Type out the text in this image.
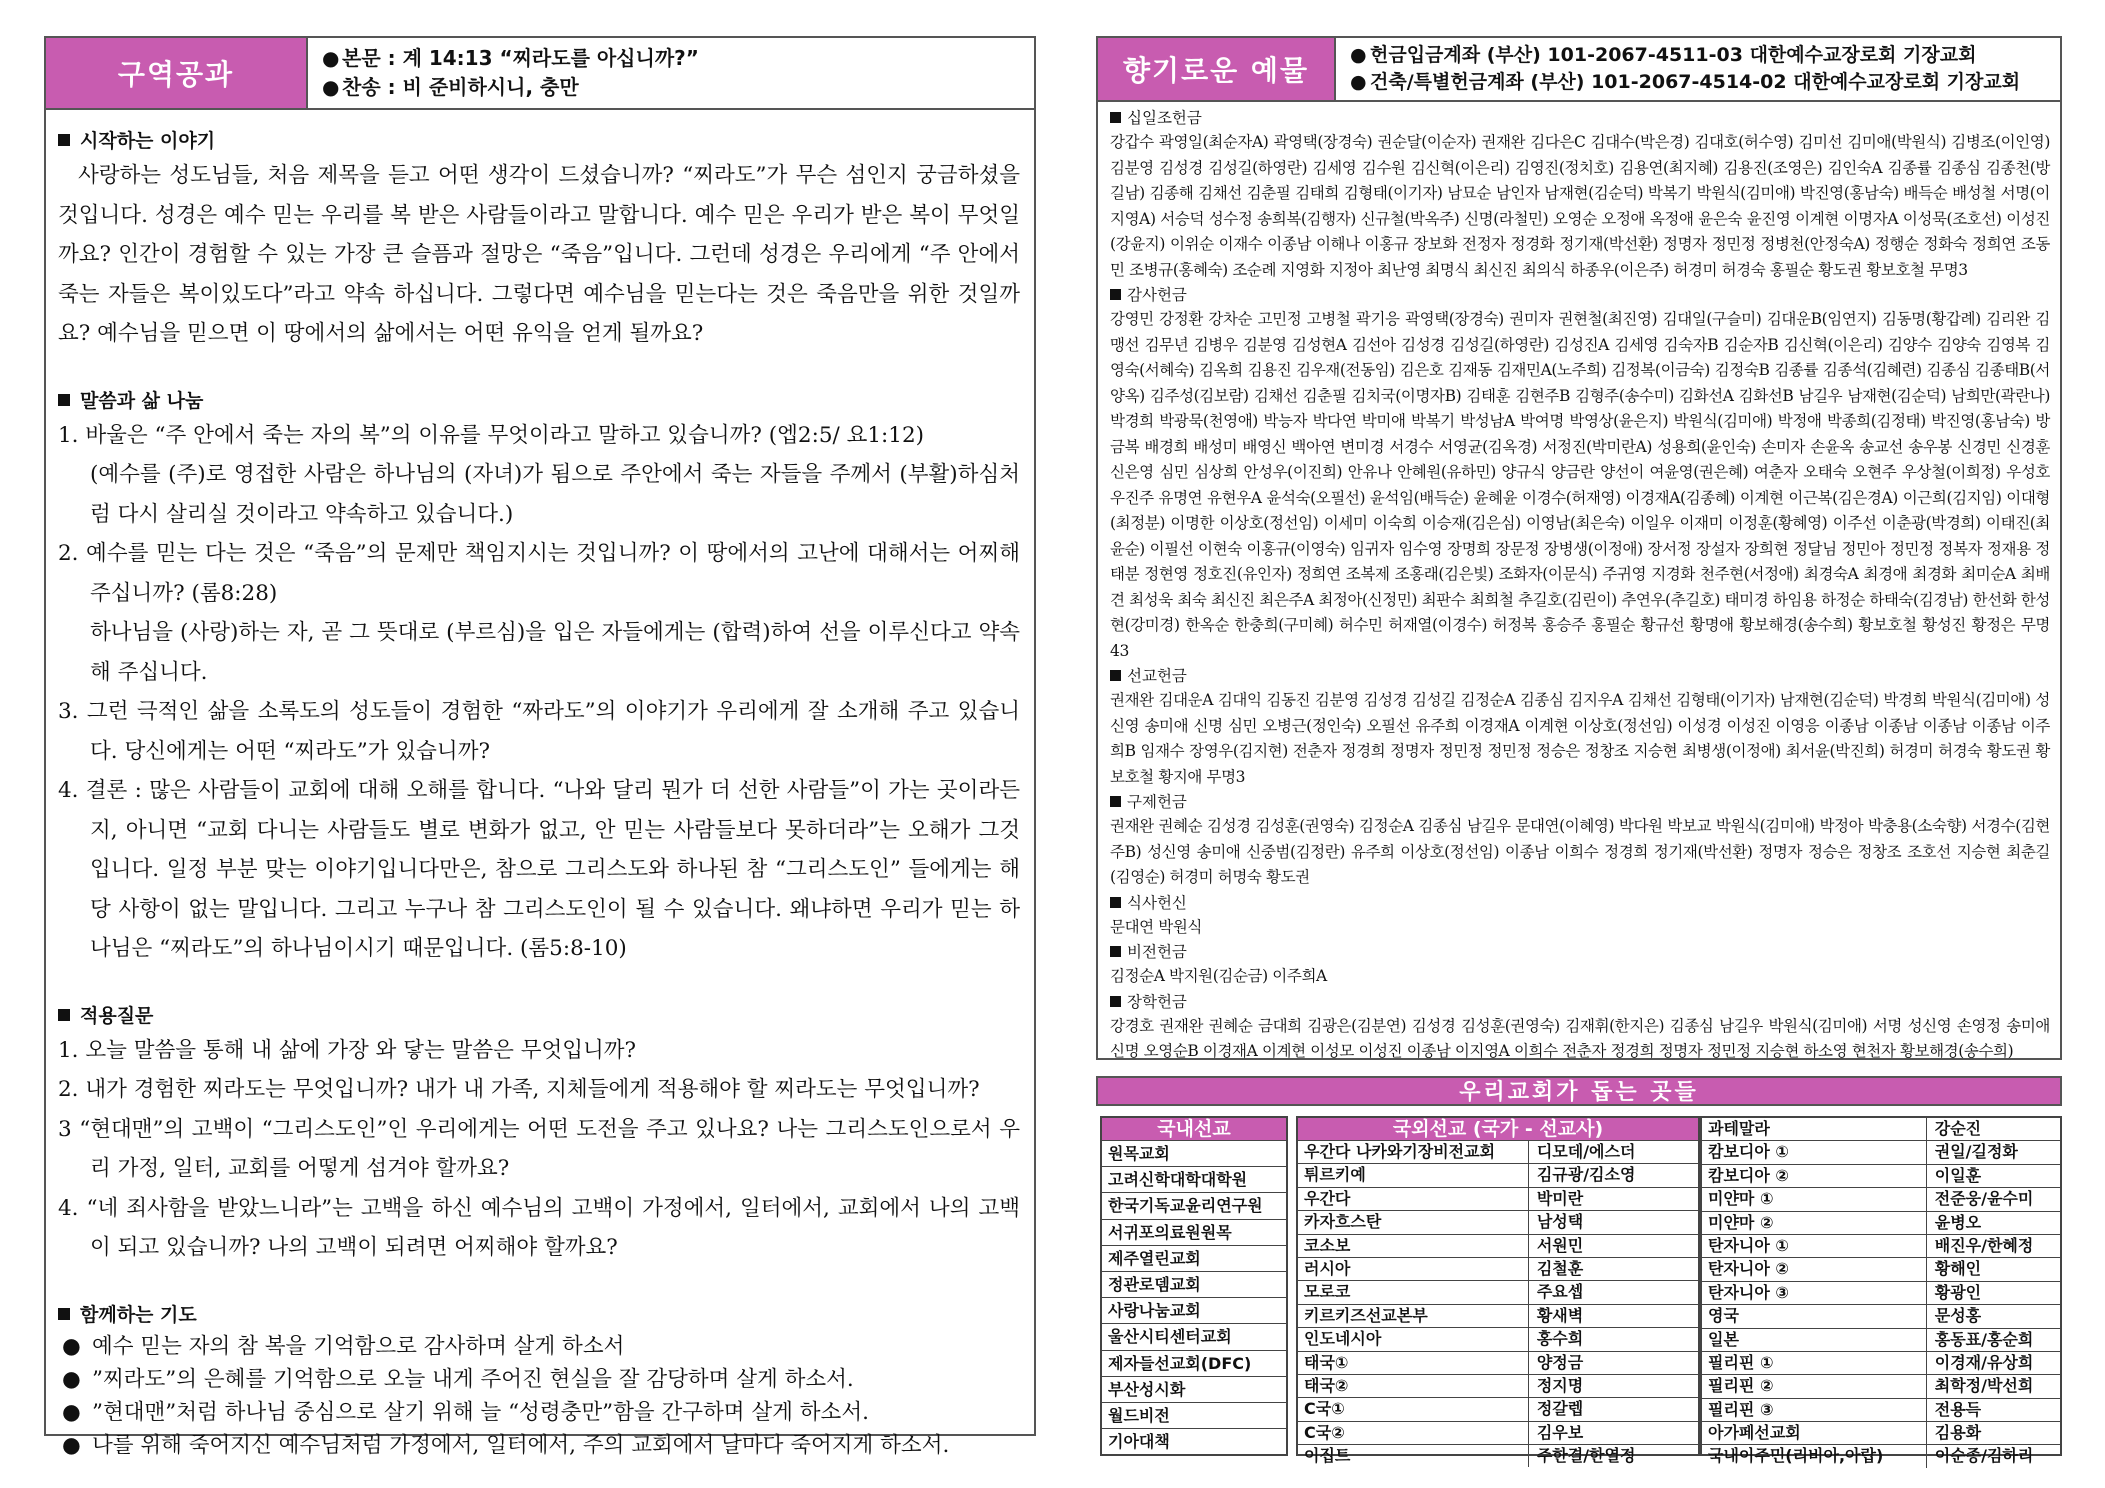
구역공과	● 본문 : 계 14:13 “찌라도를 아십니까?”
● 찬송 : 비 준비하시니, 충만
시작하는 이야기
사랑하는 성도님들, 처음 제목을 듣고 어떤 생각이 드셨습니까? “찌라도”가 무슨 섬인지 궁금하셨을 것입니다. 성경은 예수 믿는 우리를 복 받은 사람들이라고 말합니다. 예수 믿은 우리가 받은 복이 무엇일까요? 인간이 경험할 수 있는 가장 큰 슬픔과 절망은 “죽음”입니다. 그런데 성경은 우리에게 “주 안에서 죽는 자들은 복이있도다”라고 약속 하십니다. 그렇다면 예수님을 믿는다는 것은 죽음만을 위한 것일까요? 예수님을 믿으면 이 땅에서의 삶에서는 어떤 유익을 얻게 될까요?
말씀과 삶 나눔
1. 바울은 “주 안에서 죽는 자의 복”의 이유를 무엇이라고 말하고 있습니까? (엡2:5/ 요1:12)
(예수를 (주)로 영접한 사람은 하나님의 (자녀)가 됨으로 주안에서 죽는 자들을 주께서 (부활)하심처럼 다시 살리실 것이라고 약속하고 있습니다.)
2. 예수를 믿는 다는 것은 “죽음”의 문제만 책임지시는 것입니까? 이 땅에서의 고난에 대해서는 어찌해 주십니까? (롬8:28)
하나님을 (사랑)하는 자, 곧 그 뜻대로 (부르심)을 입은 자들에게는 (합력)하여 선을 이루신다고 약속해 주십니다.
3. 그런 극적인 삶을 소록도의 성도들이 경험한 “짜라도”의 이야기가 우리에게 잘 소개해 주고 있습니다. 당신에게는 어떤 “찌라도”가 있습니까?
4. 결론 : 많은 사람들이 교회에 대해 오해를 합니다. “나와 달리 뭔가 더 선한 사람들”이 가는 곳이라든지, 아니면 “교회 다니는 사람들도 별로 변화가 없고, 안 믿는 사람들보다 못하더라”는 오해가 그것입니다. 일정 부분 맞는 이야기입니다만은, 참으로 그리스도와 하나된 참 “그리스도인” 들에게는 해당 사항이 없는 말입니다. 그리고 누구나 참 그리스도인이 될 수 있습니다. 왜냐하면 우리가 믿는 하나님은 “찌라도”의 하나님이시기 때문입니다. (롬5:8-10)
적용질문
1. 오늘 말씀을 통해 내 삶에 가장 와 닿는 말씀은 무엇입니까?
2. 내가 경험한 찌라도는 무엇입니까? 내가 내 가족, 지체들에게 적용해야 할 찌라도는 무엇입니까?
3 “현대맨”의 고백이 “그리스도인”인 우리에게는 어떤 도전을 주고 있나요? 나는 그리스도인으로서 우리 가정, 일터, 교회를 어떻게 섬겨야 할까요?
4. “네 죄사함을 받았느니라”는 고백을 하신 예수님의 고백이 가정에서, 일터에서, 교회에서 나의 고백이 되고 있습니까? 나의 고백이 되려면 어찌해야 할까요?
함께하는 기도
● 예수 믿는 자의 참 복을 기억함으로 감사하며 살게 하소서
● ”찌라도”의 은혜를 기억함으로 오늘 내게 주어진 현실을 잘 감당하며 살게 하소서.
● ”현대맨”처럼 하나님 중심으로 살기 위해 늘 “성령충만”함을 간구하며 살게 하소서.
● 나를 위해 죽어지신 예수님처럼 가정에서, 일터에서, 주의 교회에서 날마다 죽어지게 하소서.
향기로운 예물	● 헌금입금계좌 (부산) 101-2067-4511-03 대한예수교장로회 기장교회
● 건축/특별헌금계좌 (부산) 101-2067-4514-02 대한예수교장로회 기장교회
십일조헌금
강갑수 곽영일(최순자A) 곽영택(장경숙) 권순달(이순자) 권재완 김다은C 김대수(박은경) 김대호(허수영) 김미선 김미애(박원식) 김병조(이인영) 김분영 김성경 김성길(하영란) 김세영 김수원 김신혁(이은리) 김영진(정치호) 김용연(최지혜) 김용진(조영은) 김인숙A 김종률 김종심 김종천(방길남) 김종해 김채선 김춘필 김태희 김형태(이기자) 남묘순 남인자 남재현(김순덕) 박복기 박원식(김미애) 박진영(홍남숙) 배득순 배성철 서명(이지영A) 서승덕 성수정 송희복(김행자) 신규철(박옥주) 신명(라철민) 오영순 오정애 옥정애 윤은숙 윤진영 이계현 이명자A 이성묵(조호선) 이성진(강윤지) 이위순 이재수 이종남 이해나 이홍규 장보화 전정자 정경화 정기재(박선환) 정명자 정민정 정병천(안정숙A) 정행순 정화숙 정희연 조동민 조병규(홍혜숙) 조순례 지영화 지정아 최난영 최명식 최신진 최의식 하종우(이은주) 허경미 허경숙 홍필순 황도권 황보호철 무명3
감사헌금
강영민 강정환 강차순 고민정 고병철 곽기응 곽영택(장경숙) 권미자 권현철(최진영) 김대일(구슬미) 김대운B(임연지) 김동명(황갑례) 김리완 김맹선 김무년 김병우 김분영 김성현A 김선아 김성경 김성길(하영란) 김성진A 김세영 김숙자B 김순자B 김신혁(이은리) 김양수 김양숙 김영복 김영숙(서혜숙) 김옥희 김용진 김우재(전동임) 김은호 김재동 김재민A(노주희) 김정복(이금숙) 김정숙B 김종률 김종석(김혜련) 김종심 김종태B(서양옥) 김주성(김보람) 김채선 김춘필 김치국(이명자B) 김태훈 김현주B 김형주(송수미) 김화선A 김화선B 남길우 남재현(김순덕) 남희만(곽란나) 박경희 박광묵(천영애) 박능자 박다연 박미애 박복기 박성남A 박여명 박영상(윤은지) 박원식(김미애) 박정애 박종희(김정태) 박진영(홍남숙) 방금복 배경희 배성미 배영신 백아연 변미경 서경수 서영균(김옥경) 서정진(박미란A) 성용희(윤인숙) 손미자 손윤옥 송교선 송우봉 신경민 신경훈 신은영 심민 심상희 안성우(이진희) 안유나 안혜원(유하민) 양규식 양금란 양선이 여윤영(권은혜) 여춘자 오태숙 오현주 우상철(이희정) 우성호 우진주 유명연 유현우A 윤석숙(오필선) 윤석임(배득순) 윤혜윤 이경수(허재영) 이경재A(김종혜) 이계현 이근복(김은경A) 이근희(김지임) 이대형(최정분) 이명한 이상호(정선임) 이세미 이숙희 이승재(김은심) 이영남(최은숙) 이일우 이재미 이정훈(황혜영) 이주선 이춘광(박경희) 이태진(최윤순) 이필선 이현숙 이홍규(이영숙) 임귀자 임수영 장명희 장문정 장병생(이정애) 장서정 장설자 장희현 정달님 정민아 정민정 정복자 정재용 정태분 정현영 정호진(유인자) 정희연 조복제 조홍래(김은빛) 조화자(이문식) 주귀영 지경화 천주현(서정애) 최경숙A 최경애 최경화 최미순A 최배견 최성욱 최숙 최신진 최은주A 최정아(신정민) 최판수 최희철 추길호(김린이) 추연우(추길호) 태미경 하임용 하정순 하태숙(김경남) 한선화 한성현(강미경) 한옥순 한충희(구미혜) 허수민 허재열(이경수) 허정복 홍승주 홍필순 황규선 황명애 황보해경(송수희) 황보호철 황성진 황정은 무명43
선교헌금
권재완 김대운A 김대익 김동진 김분영 김성경 김성길 김정순A 김종심 김지우A 김채선 김형태(이기자) 남재현(김순덕) 박경희 박원식(김미애) 성신영 송미애 신명 심민 오병근(정인숙) 오필선 유주희 이경재A 이계현 이상호(정선임) 이성경 이성진 이영응 이종남 이종남 이종남 이종남 이주희B 임재수 장영우(김지현) 전춘자 정경희 정명자 정민정 정민정 정승은 정창조 지승현 최병생(이정애) 최서윤(박진희) 허경미 허경숙 황도권 황보호철 황지애 무명3
구제헌금
권재완 권혜순 김성경 김성훈(권영숙) 김정순A 김종심 남길우 문대연(이혜영) 박다원 박보교 박원식(김미애) 박정아 박충용(소숙향) 서경수(김현주B) 성신영 송미애 신중범(김정란) 유주희 이상호(정선임) 이종남 이희수 정경희 정기재(박선환) 정명자 정승은 정창조 조호선 지승현 최춘길(김영순) 허경미 허명숙 황도권
식사헌신
문대연 박원식
비전헌금
김정순A 박지원(김순금) 이주희A
장학헌금
강경호 권재완 권혜순 금대희 김광은(김분연) 김성경 김성훈(권영숙) 김재휘(한지은) 김종심 남길우 박원식(김미애) 서명 성신영 손영정 송미애 신명 오영순B 이경재A 이계현 이성모 이성진 이종남 이지영A 이희수 전춘자 정경희 정명자 정민정 지승현 하소영 현천자 황보해경(송수희)
우리교회가 돕는 곳들
국내선교
원목교회
고려신학대학대학원
한국기독교윤리연구원
서귀포의료원원목
제주열린교회
정관로뎀교회
사랑나눔교회
울산시티센터교회
제자들선교회(DFC)
부산성시화
월드비전
기아대책
국외선교 (국가 - 선교사)
우간다 나카와기장비전교회	디모데/에스더
튀르키예	김규광/김소영
우간다	박미란
카자흐스탄	남성택
코소보	서원민
러시아	김철훈
모로코	주요셉
키르키즈선교본부	황새벽
인도네시아	홍수희
태국①	양정금
태국②	정지명
C국①	정갈렙
C국②	김우보
이집트	주한결/한열정
과테말라	강순진
캄보디아 ①	권일/길정화
캄보디아 ②	이일훈
미얀마 ①	전준웅/윤수미
미얀마 ②	윤병오
탄자니아 ①	배진우/한혜정
탄자니아 ②	황해인
탄자니아 ③	황광인
영국	문성홍
일본	홍동표/홍순희
필리핀 ①	이경재/유상희
필리핀 ②	최학정/박선희
필리핀 ③	전용득
아가페선교회	김용화
국내이주민(리비아,아랍)	이순종/김하리
